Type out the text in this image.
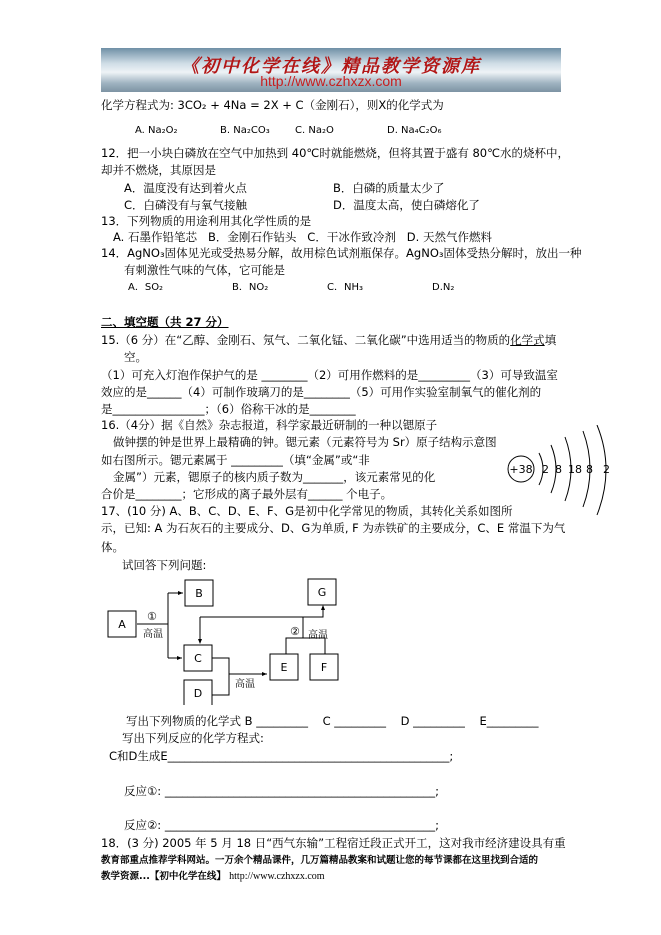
《初中化学在线》精品教学资源库
http://www.czhxzx.com
化学方程式为: 3CO₂ + 4Na = 2X + C（金刚石），则X的化学式为
A. Na₂O₂	B. Na₂CO₃	C. Na₂O	D. Na₄C₂O₆
12．把一小块白磷放在空气中加热到 40℃时就能燃烧，但将其置于盛有 80℃水的烧杯中，
却并不燃烧，其原因是
A．温度没有达到着火点	B．白磷的质量太少了
C．白磷没有与氧气接触	D．温度太高，使白磷熔化了
13．下列物质的用途利用其化学性质的是
A. 石墨作铅笔芯   B．金刚石作钻头   C．干冰作致冷剂   D. 天然气作燃料
14．AgNO₃固体见光或受热易分解，故用棕色试剂瓶保存。AgNO₃固体受热分解时，放出一种
有刺激性气味的气体，它可能是
A．SO₂	B．NO₂	C．NH₃	D.N₂
二、填空题（共 27 分）
15.（6 分）在“乙醇、金刚石、氖气、二氧化锰、二氧化碳”中选用适当的物质的化学式填
空。
（1）可充入灯泡作保护气的是 ________（2）可用作燃料的是_________（3）可导致温室
效应的是______（4）可制作玻璃刀的是________（5）可用作实验室制氧气的催化剂的
是________________；（6）俗称干冰的是________
16.（4分）据《自然》杂志报道，科学家最近研制的一种以锶原子
做钟摆的钟是世界上最精确的钟。锶元素（元素符号为 Sr）原子结构示意图
如右图所示。锶元素属于 _________（填“金属”或“非
金属”）元素，锶原子的核内质子数为_______，该元素常见的化
合价是________；它形成的离子最外层有______ 个电子。
+38 2 8 18 8 2
17、(10 分) A、B、C、D、E、F、G是初中化学常见的物质，其转化关系如图所
示，已知: A 为石灰石的主要成分、D、G为单质, F 为赤铁矿的主要成分，C、E 常温下为气
体。
试回答下列问题:
A
B
C
D
E	F
G
①
高温	② 高温
高温
写出下列物质的化学式 B _________    C _________    D _________    E_________
写出下列反应的化学方程式:
C和D生成E_________________________________________________;
反应①: _______________________________________________;
反应②: _______________________________________________;
18．(3 分) 2005 年 5 月 18 日“西气东输”工程宿迁段正式开工，这对我市经济建设具有重
教育部重点推荐学科网站。一万余个精品课件，几万篇精品教案和试题让您的每节课都在这里找到合适的
教学资源...【初中化学在线】 http://www.czhxzx.com
